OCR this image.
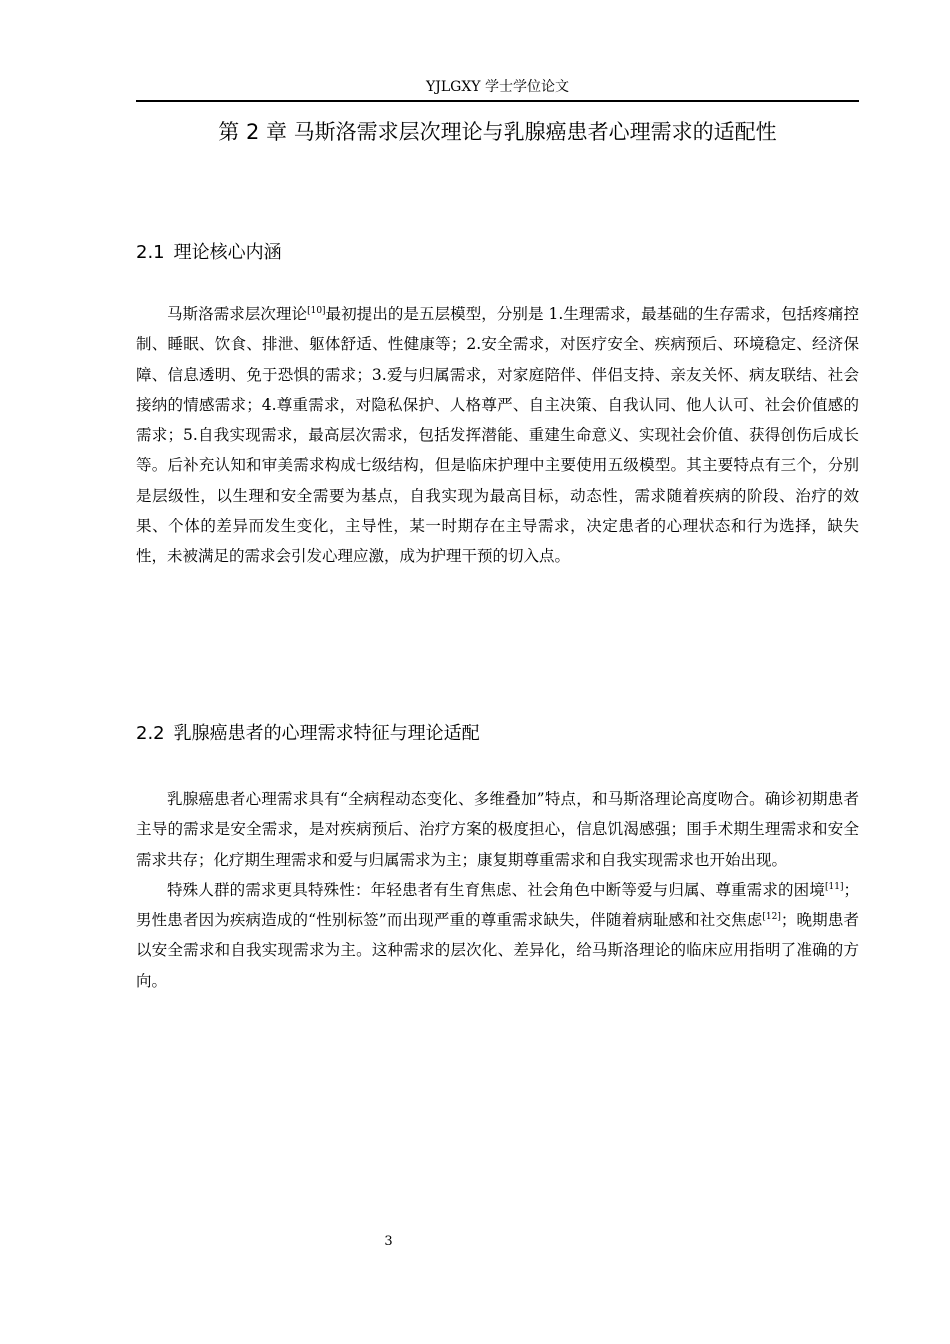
YJLGXY 学士学位论文
第 2 章 马斯洛需求层次理论与乳腺癌患者心理需求的适配性
2.1 理论核心内涵

马斯洛需求层次理论[10]最初提出的是五层模型，分别是 1.生理需求，最基础的生存需求，包括疼痛控制、睡眠、饮食、排泄、躯体舒适、性健康等；2.安全需求，对医疗安全、疾病预后、环境稳定、经济保障、信息透明、免于恐惧的需求；3.爱与归属需求，对家庭陪伴、伴侣支持、亲友关怀、病友联结、社会接纳的情感需求；4.尊重需求，对隐私保护、人格尊严、自主决策、自我认同、他人认可、社会价值感的需求；5.自我实现需求，最高层次需求，包括发挥潜能、重建生命意义、实现社会价值、获得创伤后成长等。后补充认知和审美需求构成七级结构，但是临床护理中主要使用五级模型。其主要特点有三个，分别是层级性，以生理和安全需要为基点，自我实现为最高目标，动态性，需求随着疾病的阶段、治疗的效果、个体的差异而发生变化，主导性，某一时期存在主导需求，决定患者的心理状态和行为选择，缺失性，未被满足的需求会引发心理应激，成为护理干预的切入点。

2.2 乳腺癌患者的心理需求特征与理论适配

乳腺癌患者心理需求具有“全病程动态变化、多维叠加”特点，和马斯洛理论高度吻合。确诊初期患者主导的需求是安全需求，是对疾病预后、治疗方案的极度担心，信息饥渴感强；围手术期生理需求和安全需求共存；化疗期生理需求和爱与归属需求为主；康复期尊重需求和自我实现需求也开始出现。

特殊人群的需求更具特殊性：年轻患者有生育焦虑、社会角色中断等爱与归属、尊重需求的困境[11]；男性患者因为疾病造成的“性别标签”而出现严重的尊重需求缺失，伴随着病耻感和社交焦虑[12]；晚期患者以安全需求和自我实现需求为主。这种需求的层次化、差异化，给马斯洛理论的临床应用指明了准确的方向。

3
